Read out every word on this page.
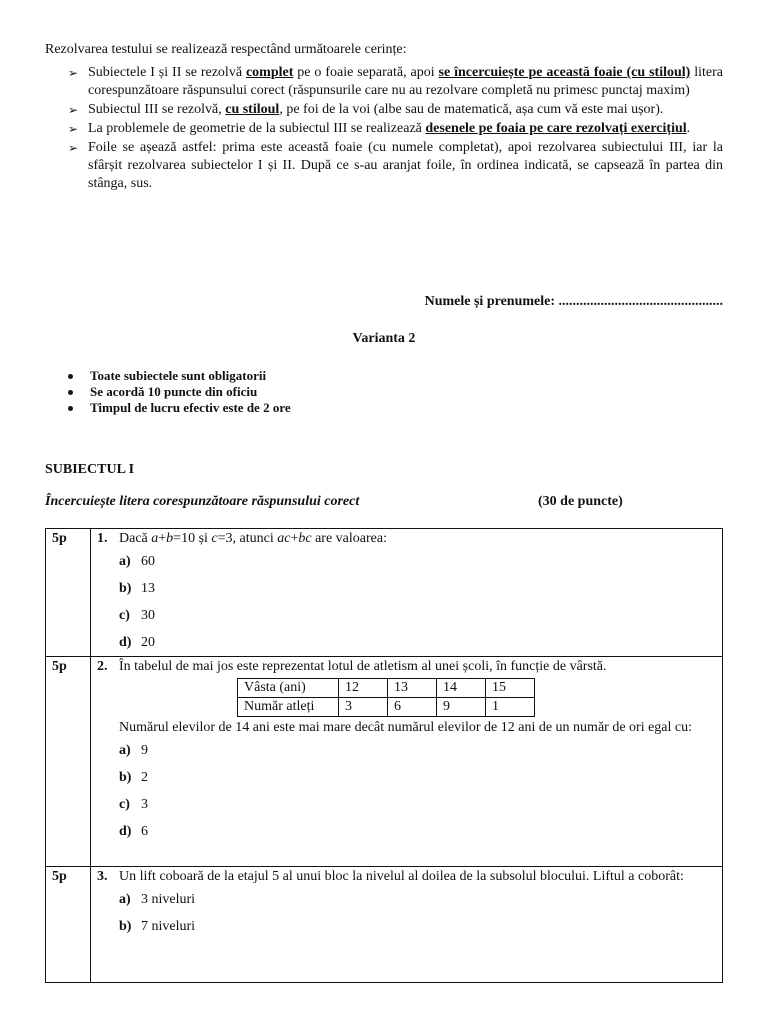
Rezolvarea testului se realizează respectând următoarele cerințe:
➢ Subiectele I și II se rezolvă complet pe o foaie separată, apoi se încercuiește pe această foaie (cu stiloul) litera corespunzătoare răspunsului corect (răspunsurile care nu au rezolvare completă nu primesc punctaj maxim)
➢ Subiectul III se rezolvă, cu stiloul, pe foi de la voi (albe sau de matematică, așa cum vă este mai ușor).
➢ La problemele de geometrie de la subiectul III se realizează desenele pe foaia pe care rezolvați exercițiul.
➢ Foile se așează astfel: prima este această foaie (cu numele completat), apoi rezolvarea subiectului III, iar la sfârșit rezolvarea subiectelor I și II. După ce s-au aranjat foile, în ordinea indicată, se capsează în partea din stânga, sus.
Numele și prenumele: ...............................................
Varianta 2
Toate subiectele sunt obligatorii
Se acordă 10 puncte din oficiu
Timpul de lucru efectiv este de 2 ore
SUBIECTUL I
Încercuiește litera corespunzătoare răspunsului corect	(30 de puncte)
5p	1. Dacă a+b=10 și c=3, atunci ac+bc are valoarea:
a) 60
b) 13
c) 30
d) 20

5p	2. În tabelul de mai jos este reprezentat lotul de atletism al unei școli, în funcție de vârstă.
Vâsta (ani)	12	13	14	15
Număr atleți	3	6	9	1
Numărul elevilor de 14 ani este mai mare decât numărul elevilor de 12 ani de un număr de ori egal cu:
a) 9
b) 2
c) 3
d) 6

5p	3. Un lift coboară de la etajul 5 al unui bloc la nivelul al doilea de la subsolul blocului. Liftul a coborât:
a) 3 niveluri
b) 7 niveluri
